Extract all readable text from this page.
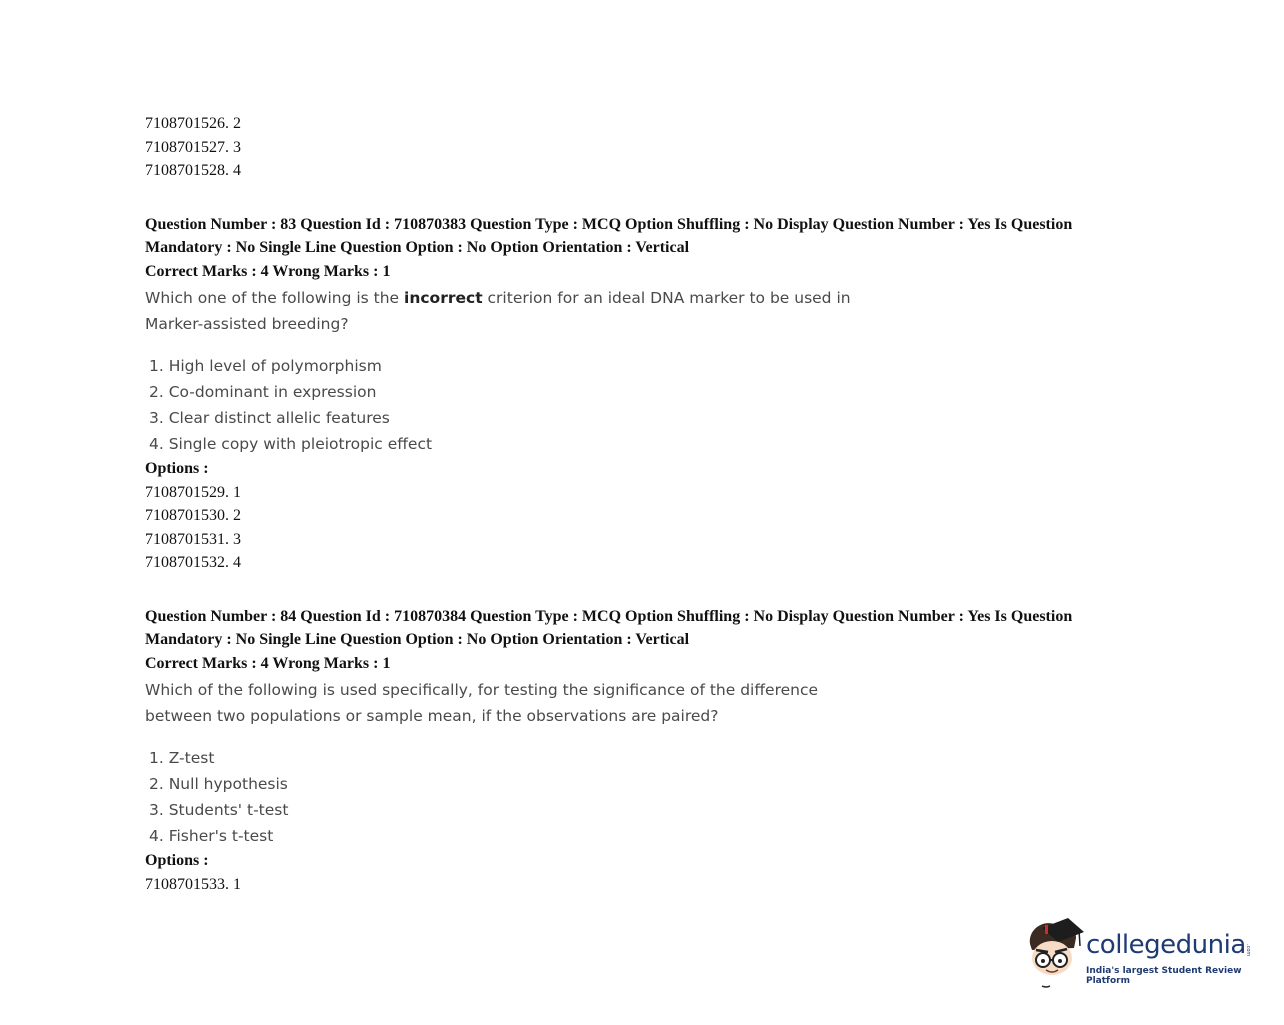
7108701526. 2
7108701527. 3
7108701528. 4
Question Number : 83 Question Id : 710870383 Question Type : MCQ Option Shuffling : No Display Question Number : Yes Is Question
Mandatory : No Single Line Question Option : No Option Orientation : Vertical
Correct Marks : 4 Wrong Marks : 1
Which one of the following is the incorrect criterion for an ideal DNA marker to be used in
Marker-assisted breeding?
1. High level of polymorphism
2. Co-dominant in expression
3. Clear distinct allelic features
4. Single copy with pleiotropic effect
Options :
7108701529. 1
7108701530. 2
7108701531. 3
7108701532. 4
Question Number : 84 Question Id : 710870384 Question Type : MCQ Option Shuffling : No Display Question Number : Yes Is Question
Mandatory : No Single Line Question Option : No Option Orientation : Vertical
Correct Marks : 4 Wrong Marks : 1
Which of the following is used specifically, for testing the significance of the difference
between two populations or sample mean, if the observations are paired?
1. Z-test
2. Null hypothesis
3. Students' t-test
4. Fisher's t-test
Options :
7108701533. 1
collegedunia .com
India's largest Student Review Platform
